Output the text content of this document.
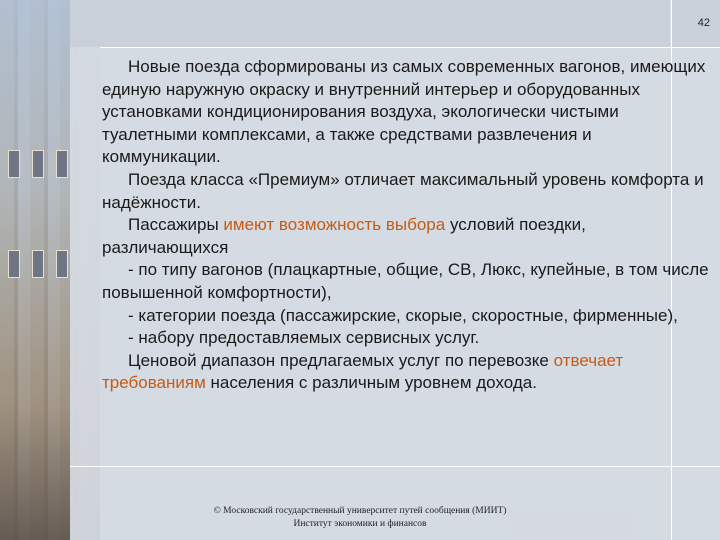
42

Новые поезда сформированы из самых современных вагонов, имеющих единую наружную окраску и внутренний интерьер и оборудованных установками кондиционирования воздуха, экологически чистыми туалетными комплексами, а также средствами развлечения и коммуникации.

Поезда класса «Премиум» отличает максимальный уровень комфорта и надёжности.

Пассажиры имеют возможность выбора условий поездки, различающихся

- по типу вагонов (плацкартные, общие, СВ, Люкс, купейные, в том числе повышенной комфортности),

- категории поезда (пассажирские, скорые, скоростные, фирменные),

- набору предоставляемых сервисных услуг.

Ценовой диапазон предлагаемых услуг по перевозке отвечает требованиям населения с различным уровнем дохода.

© Московский государственный университет путей сообщения (МИИТ)
Институт экономики и финансов
